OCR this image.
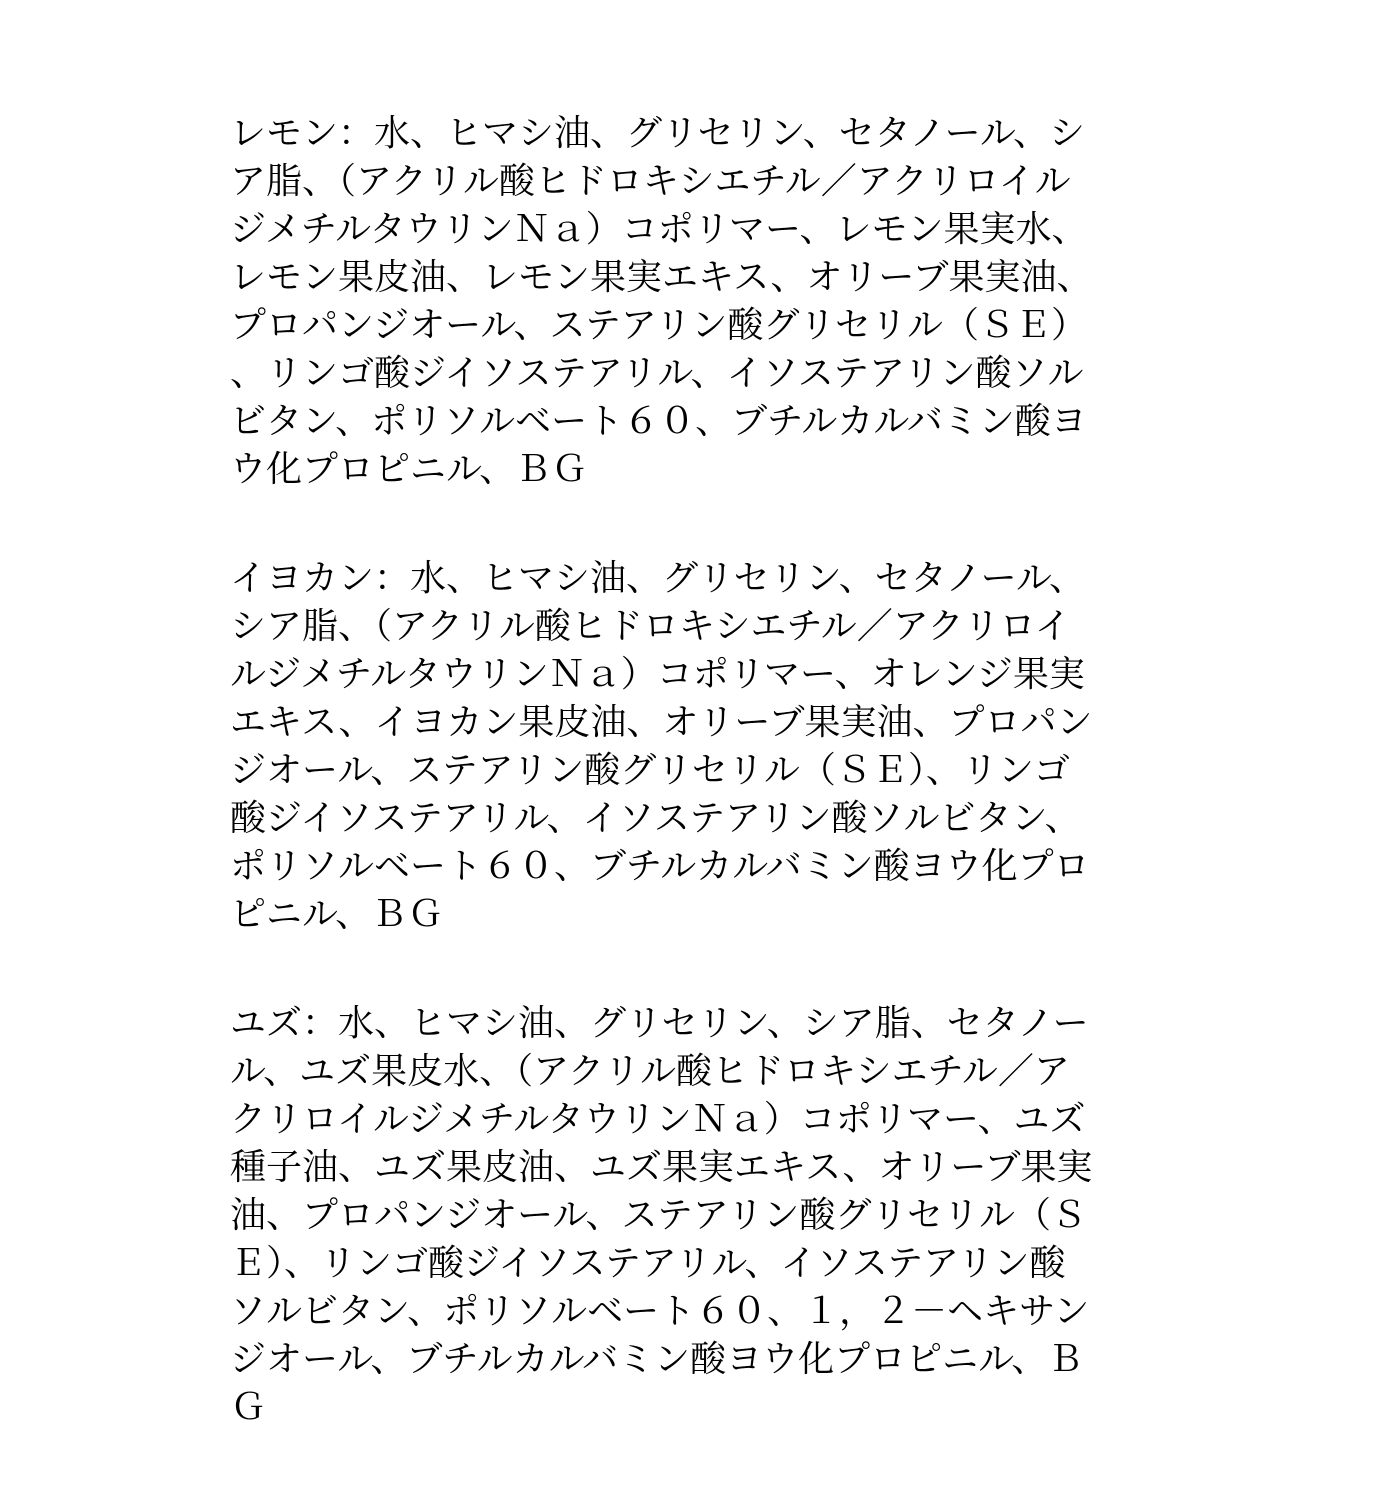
レモン：水、ヒマシ油、グリセリン、セタノール、シ
ア脂、（アクリル酸ヒドロキシエチル／アクリロイル
ジメチルタウリンＮａ）コポリマー、レモン果実水、
レモン果皮油、レモン果実エキス、オリーブ果実油、
プロパンジオール、ステアリン酸グリセリル（ＳＥ）
、リンゴ酸ジイソステアリル、イソステアリン酸ソル
ビタン、ポリソルベート６０、ブチルカルバミン酸ヨ
ウ化プロピニル、ＢＧ
イヨカン：水、ヒマシ油、グリセリン、セタノール、
シア脂、（アクリル酸ヒドロキシエチル／アクリロイ
ルジメチルタウリンＮａ）コポリマー、オレンジ果実
エキス、イヨカン果皮油、オリーブ果実油、プロパン
ジオール、ステアリン酸グリセリル（ＳＥ）、リンゴ
酸ジイソステアリル、イソステアリン酸ソルビタン、
ポリソルベート６０、ブチルカルバミン酸ヨウ化プロ
ピニル、ＢＧ
ユズ：水、ヒマシ油、グリセリン、シア脂、セタノー
ル、ユズ果皮水、（アクリル酸ヒドロキシエチル／ア
クリロイルジメチルタウリンＮａ）コポリマー、ユズ
種子油、ユズ果皮油、ユズ果実エキス、オリーブ果実
油、プロパンジオール、ステアリン酸グリセリル（Ｓ
Ｅ）、リンゴ酸ジイソステアリル、イソステアリン酸
ソルビタン、ポリソルベート６０、１，２－ヘキサン
ジオール、ブチルカルバミン酸ヨウ化プロピニル、Ｂ
Ｇ
